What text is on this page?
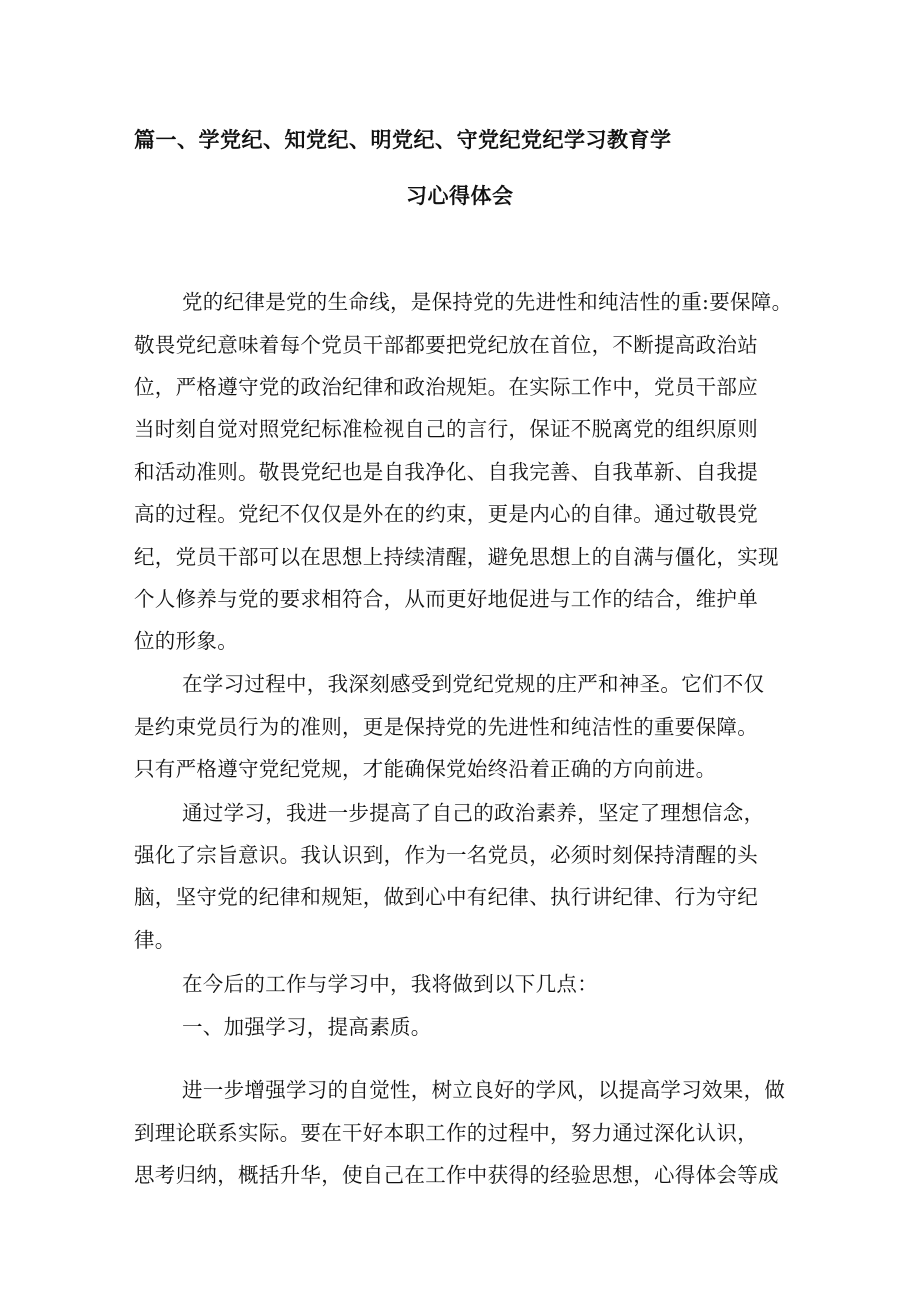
篇一、学党纪、知党纪、明党纪、守党纪党纪学习教育学
习心得体会
党的纪律是党的生命线，是保持党的先进性和纯洁性的重:要保障。
敬畏党纪意味着每个党员干部都要把党纪放在首位，不断提高政治站
位，严格遵守党的政治纪律和政治规矩。在实际工作中，党员干部应
当时刻自觉对照党纪标准检视自己的言行，保证不脱离党的组织原则
和活动准则。敬畏党纪也是自我净化、自我完善、自我革新、自我提
高的过程。党纪不仅仅是外在的约束，更是内心的自律。通过敬畏党
纪，党员干部可以在思想上持续清醒，避免思想上的自满与僵化，实现
个人修养与党的要求相符合，从而更好地促进与工作的结合，维护单
位的形象。
在学习过程中，我深刻感受到党纪党规的庄严和神圣。它们不仅
是约束党员行为的准则，更是保持党的先进性和纯洁性的重要保障。
只有严格遵守党纪党规，才能确保党始终沿着正确的方向前进。
通过学习，我进一步提高了自己的政治素养，坚定了理想信念，
强化了宗旨意识。我认识到，作为一名党员，必须时刻保持清醒的头
脑，坚守党的纪律和规矩，做到心中有纪律、执行讲纪律、行为守纪
律。
在今后的工作与学习中，我将做到以下几点：
一、加强学习，提高素质。
进一步增强学习的自觉性，树立良好的学风，以提高学习效果，做
到理论联系实际。要在干好本职工作的过程中，努力通过深化认识，
思考归纳，概括升华，使自己在工作中获得的经验思想，心得体会等成
